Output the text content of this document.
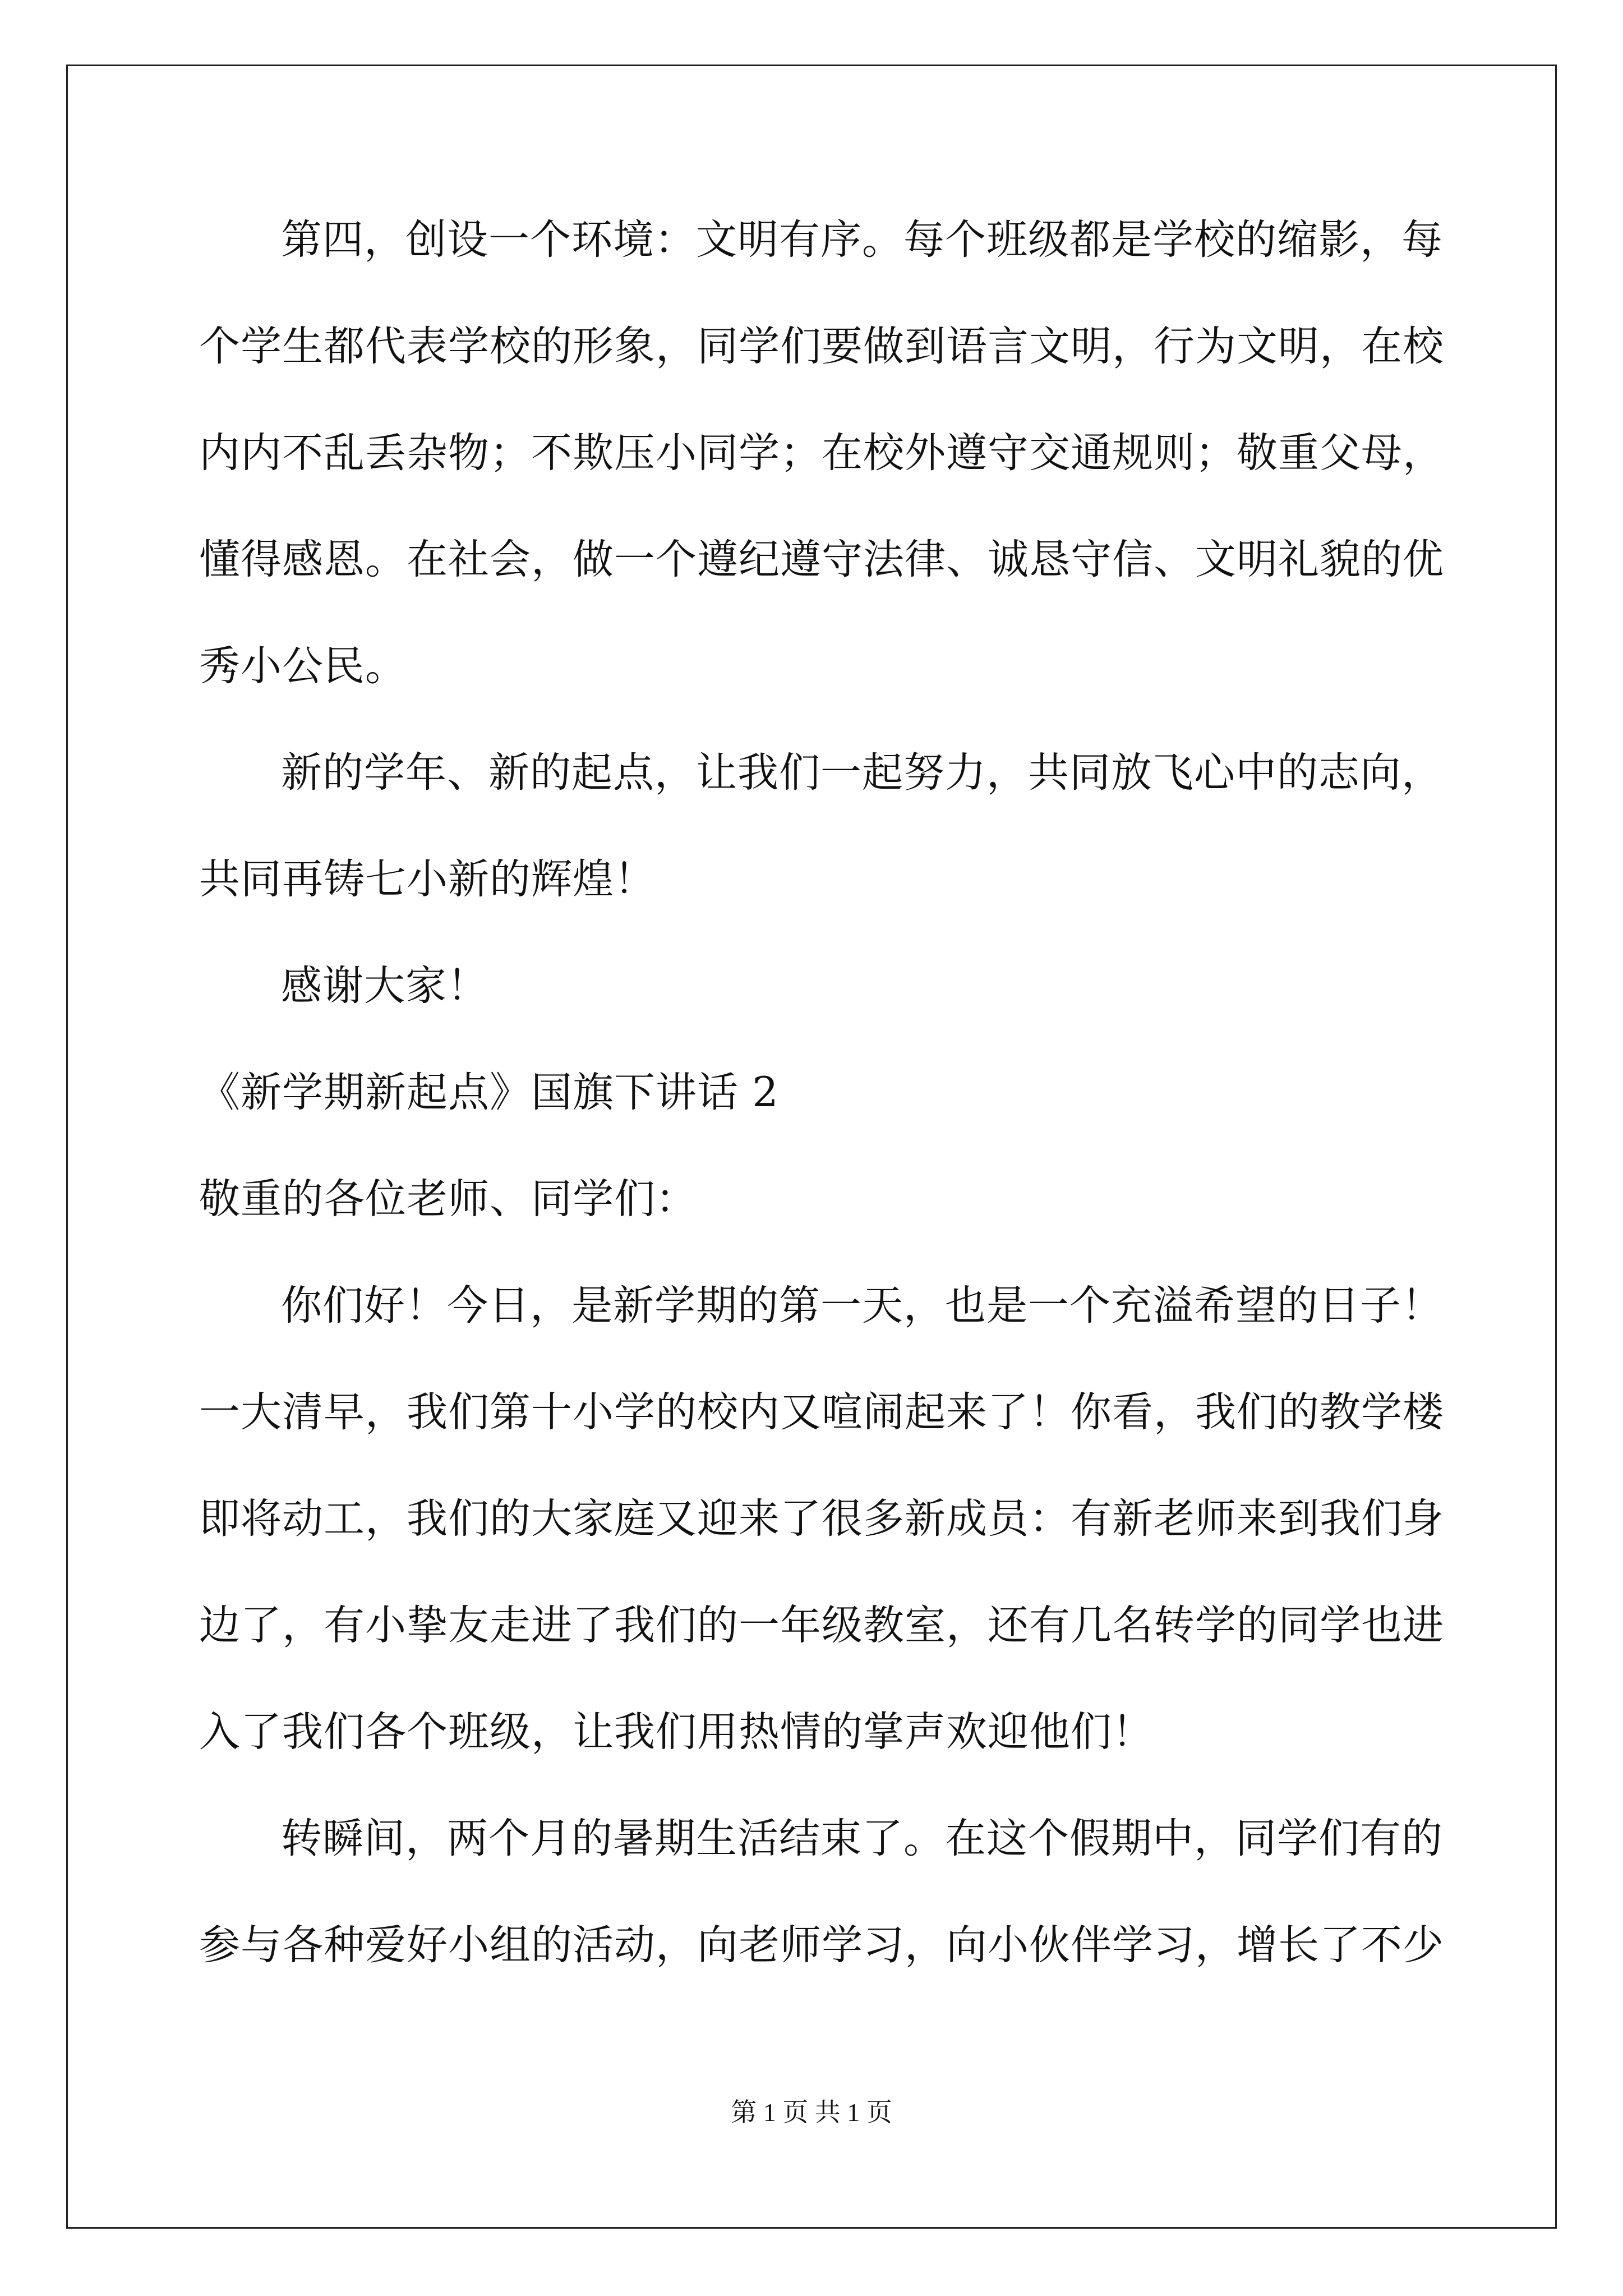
第四，创设一个环境：文明有序。每个班级都是学校的缩影，每
个学生都代表学校的形象，同学们要做到语言文明，行为文明，在校
内内不乱丢杂物；不欺压小同学；在校外遵守交通规则；敬重父母，
懂得感恩。在社会，做一个遵纪遵守法律、诚恳守信、文明礼貌的优
秀小公民。
新的学年、新的起点，让我们一起努力，共同放飞心中的志向，
共同再铸七小新的辉煌！
感谢大家！
《新学期新起点》国旗下讲话 2
敬重的各位老师、同学们：
你们好！今日，是新学期的第一天，也是一个充溢希望的日子！
一大清早，我们第十小学的校内又喧闹起来了！你看，我们的教学楼
即将动工，我们的大家庭又迎来了很多新成员：有新老师来到我们身
边了，有小挚友走进了我们的一年级教室，还有几名转学的同学也进
入了我们各个班级，让我们用热情的掌声欢迎他们！
转瞬间，两个月的暑期生活结束了。在这个假期中，同学们有的
参与各种爱好小组的活动，向老师学习，向小伙伴学习，增长了不少
第 1 页 共 1 页
